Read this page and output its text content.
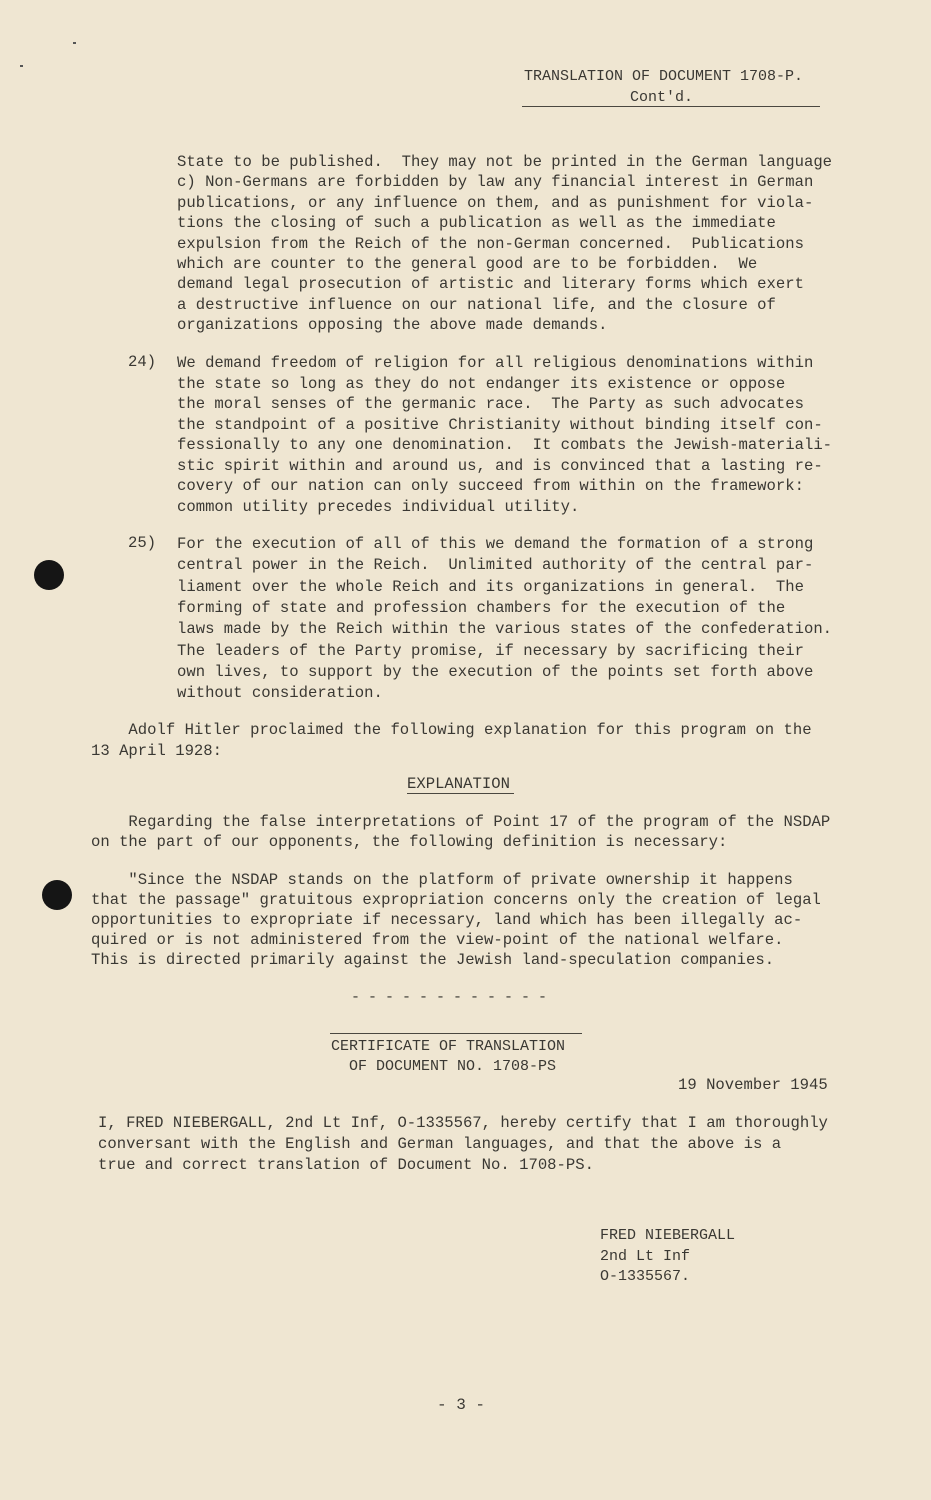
TRANSLATION OF DOCUMENT 1708-P.
Cont'd.
State to be published.  They may not be printed in the German language
c) Non-Germans are forbidden by law any financial interest in German
publications, or any influence on them, and as punishment for viola-
tions the closing of such a publication as well as the immediate
expulsion from the Reich of the non-German concerned.  Publications
which are counter to the general good are to be forbidden.  We
demand legal prosecution of artistic and literary forms which exert
a destructive influence on our national life, and the closure of
organizations opposing the above made demands.
24) We demand freedom of religion for all religious denominations within
the state so long as they do not endanger its existence or oppose
the moral senses of the germanic race.  The Party as such advocates
the standpoint of a positive Christianity without binding itself con-
fessionally to any one denomination.  It combats the Jewish-materiali-
stic spirit within and around us, and is convinced that a lasting re-
covery of our nation can only succeed from within on the framework:
common utility precedes individual utility.
25) For the execution of all of this we demand the formation of a strong
central power in the Reich.  Unlimited authority of the central par-
liament over the whole Reich and its organizations in general.  The
forming of state and profession chambers for the execution of the
laws made by the Reich within the various states of the confederation.
The leaders of the Party promise, if necessary by sacrificing their
own lives, to support by the execution of the points set forth above
without consideration.
Adolf Hitler proclaimed the following explanation for this program on the
13 April 1928:
EXPLANATION
Regarding the false interpretations of Point 17 of the program of the NSDAP
on the part of our opponents, the following definition is necessary:
"Since the NSDAP stands on the platform of private ownership it happens
that the passage" gratuitous expropriation concerns only the creation of legal
opportunities to expropriate if necessary, land which has been illegally ac-
quired or is not administered from the view-point of the national welfare.
This is directed primarily against the Jewish land-speculation companies.
- - - - - - - - - - - -
CERTIFICATE OF TRANSLATION
OF DOCUMENT NO. 1708-PS
19 November 1945
I, FRED NIEBERGALL, 2nd Lt Inf, O-1335567, hereby certify that I am thoroughly
conversant with the English and German languages, and that the above is a
true and correct translation of Document No. 1708-PS.
FRED NIEBERGALL
2nd Lt Inf
O-1335567.
- 3 -
